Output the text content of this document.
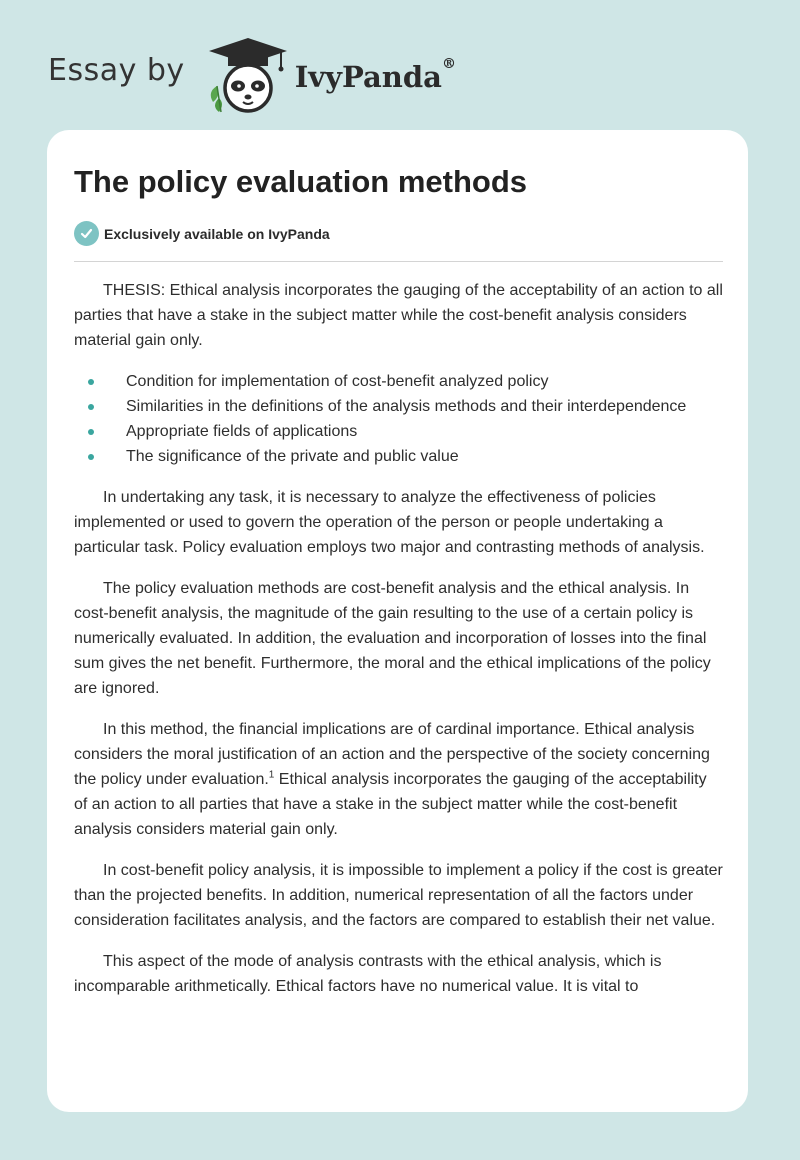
Essay by	IvyPanda®
The policy evaluation methods
Exclusively available on IvyPanda

THESIS: Ethical analysis incorporates the gauging of the acceptability of an action to all parties that have a stake in the subject matter while the cost-benefit analysis considers material gain only.

Condition for implementation of cost-benefit analyzed policy
Similarities in the definitions of the analysis methods and their interdependence
Appropriate fields of applications
The significance of the private and public value

In undertaking any task, it is necessary to analyze the effectiveness of policies implemented or used to govern the operation of the person or people undertaking a particular task. Policy evaluation employs two major and contrasting methods of analysis.

The policy evaluation methods are cost-benefit analysis and the ethical analysis. In cost-benefit analysis, the magnitude of the gain resulting to the use of a certain policy is numerically evaluated. In addition, the evaluation and incorporation of losses into the final sum gives the net benefit. Furthermore, the moral and the ethical implications of the policy are ignored.

In this method, the financial implications are of cardinal importance. Ethical analysis considers the moral justification of an action and the perspective of the society concerning the policy under evaluation.$^1$ Ethical analysis incorporates the gauging of the acceptability of an action to all parties that have a stake in the subject matter while the cost-benefit analysis considers material gain only.

In cost-benefit policy analysis, it is impossible to implement a policy if the cost is greater than the projected benefits. In addition, numerical representation of all the factors under consideration facilitates analysis, and the factors are compared to establish their net value.

This aspect of the mode of analysis contrasts with the ethical analysis, which is incomparable arithmetically. Ethical factors have no numerical value. It is vital to
